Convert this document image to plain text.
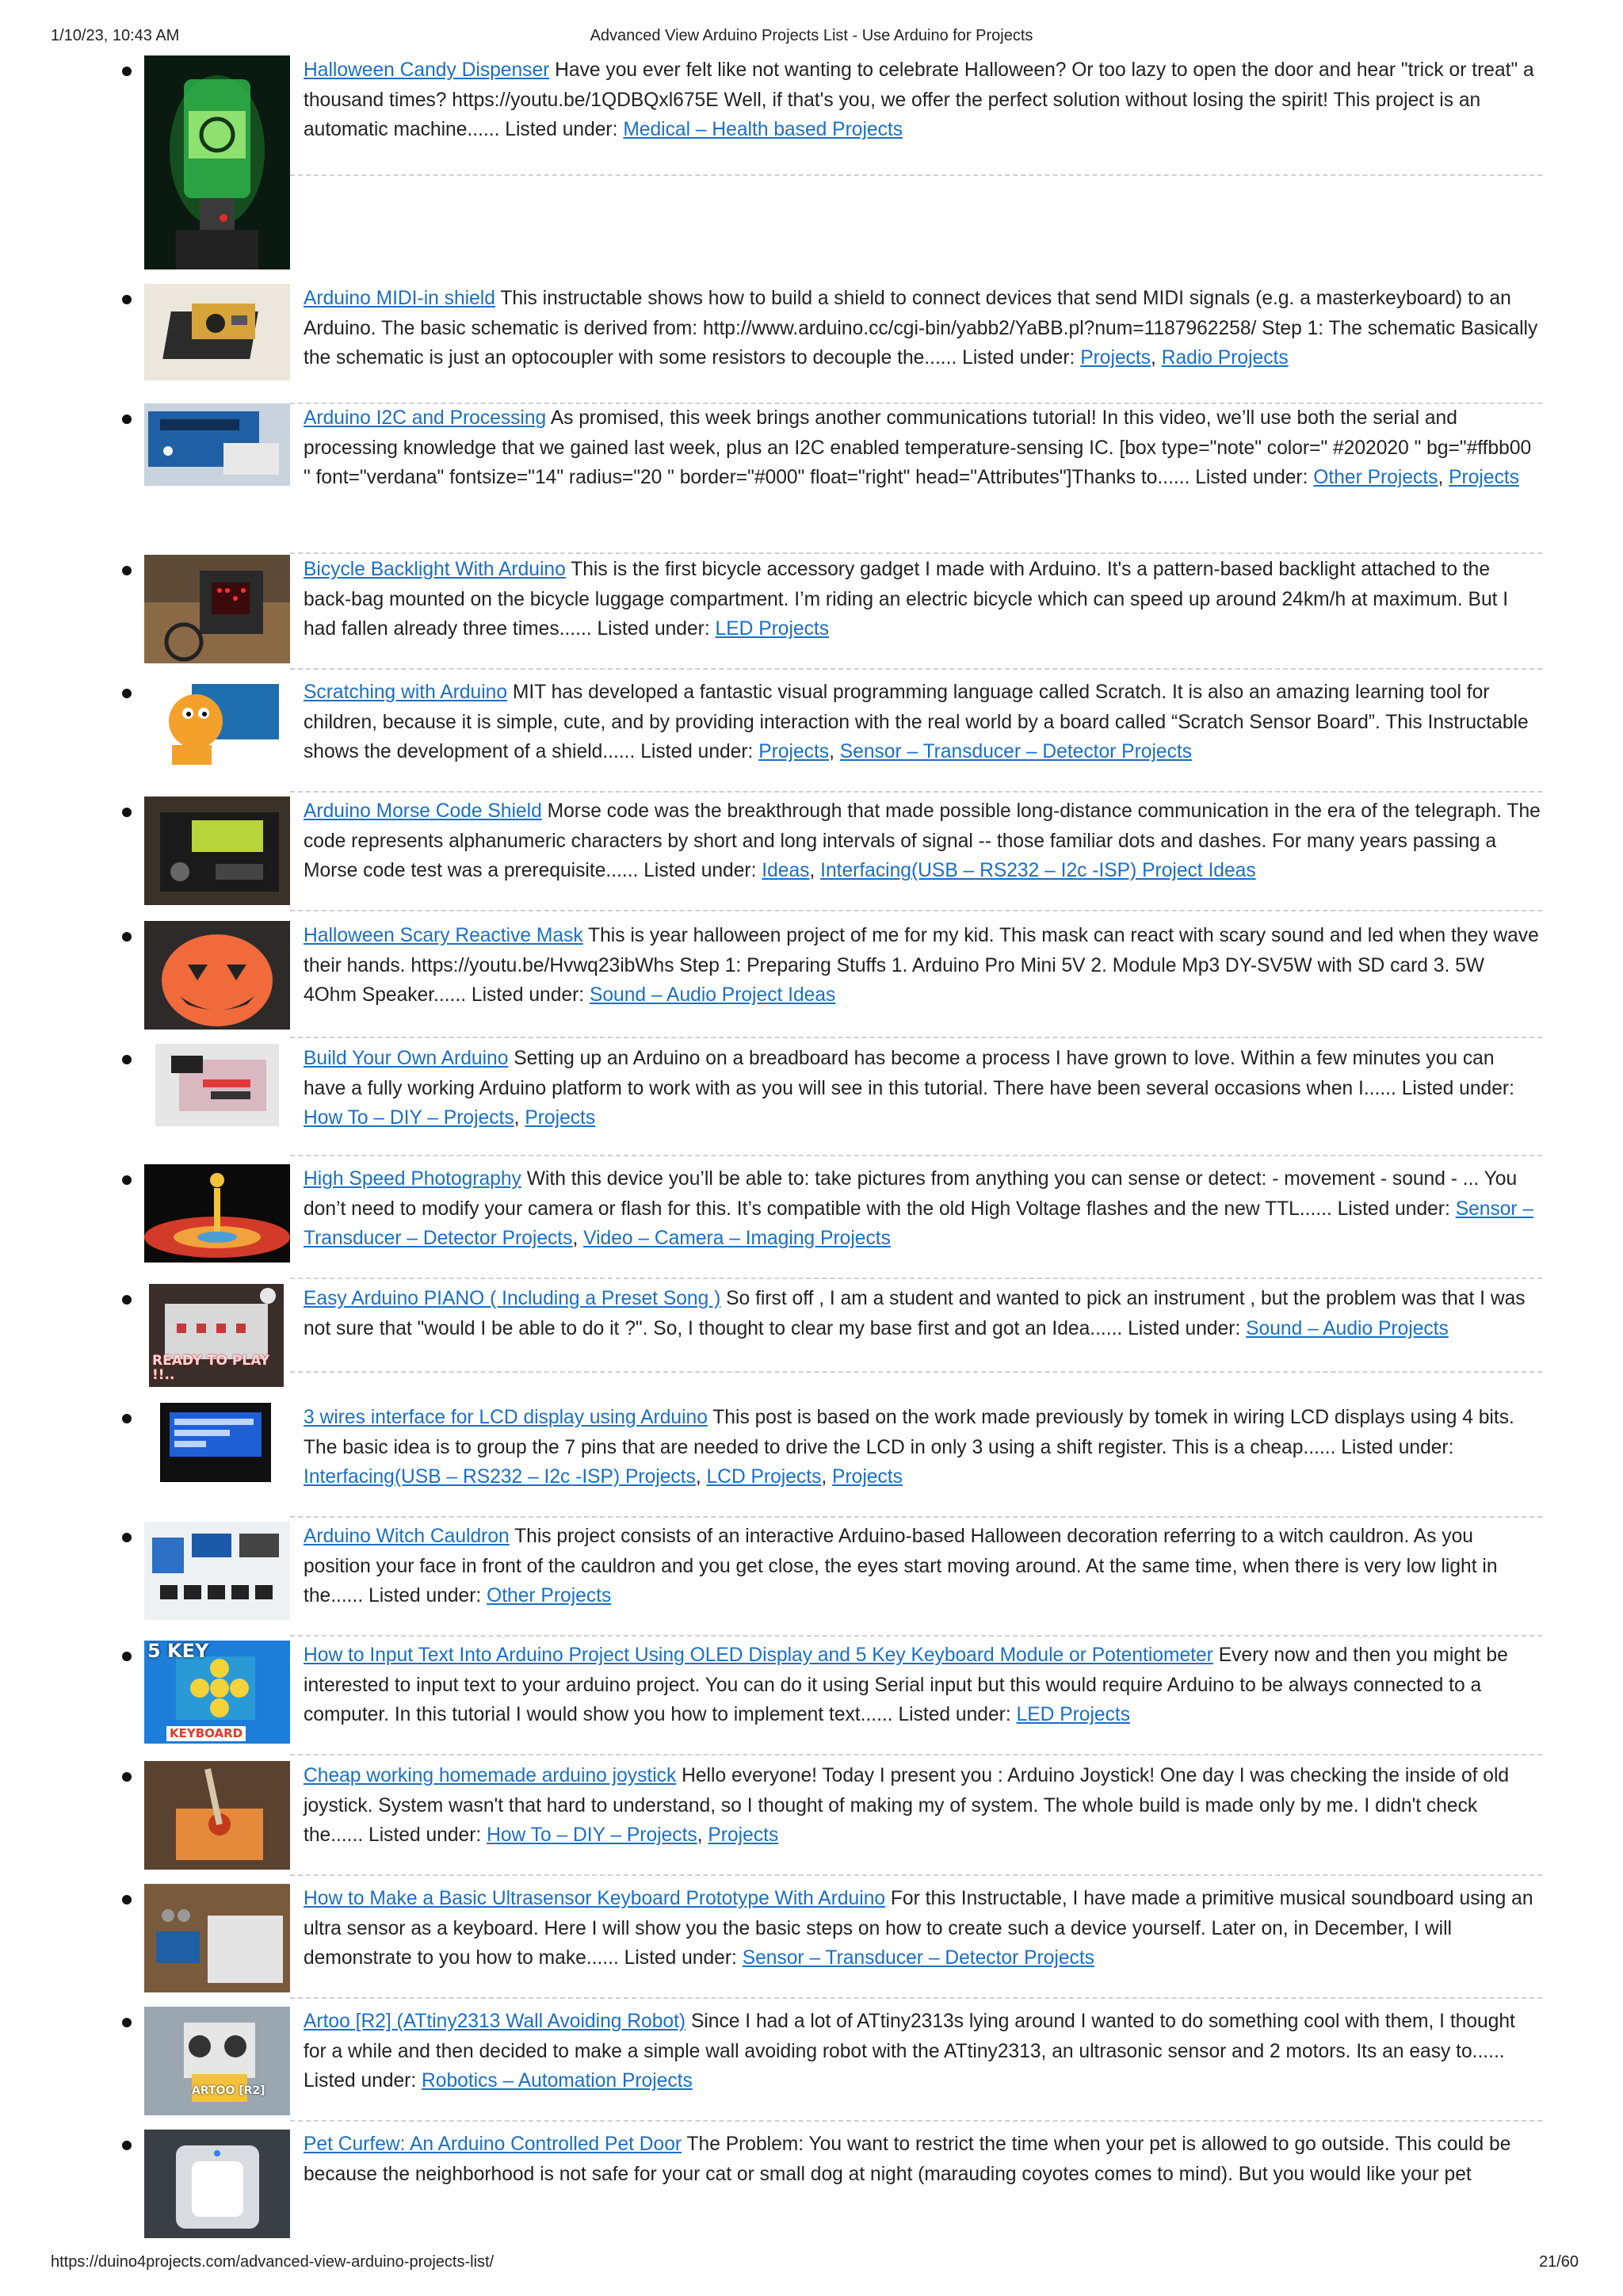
1/10/23, 10:43 AM	Advanced View Arduino Projects List - Use Arduino for Projects
Halloween Candy Dispenser Have you ever felt like not wanting to celebrate Halloween? Or too lazy to open the door and hear "trick or treat" a thousand times? https://youtu.be/1QDBQxl675E Well, if that's you, we offer the perfect solution without losing the spirit! This project is an automatic machine...... Listed under: Medical – Health based Projects
Arduino MIDI-in shield This instructable shows how to build a shield to connect devices that send MIDI signals (e.g. a masterkeyboard) to an Arduino. The basic schematic is derived from: http://www.arduino.cc/cgi-bin/yabb2/YaBB.pl?num=1187962258/ Step 1: The schematic Basically the schematic is just an optocoupler with some resistors to decouple the...... Listed under: Projects, Radio Projects
Arduino I2C and Processing As promised, this week brings another communications tutorial! In this video, we’ll use both the serial and processing knowledge that we gained last week, plus an I2C enabled temperature-sensing IC. [box type="note" color=" #202020 " bg="#ffbb00 " font="verdana" fontsize="14" radius="20 " border="#000" float="right" head="Attributes"]Thanks to...... Listed under: Other Projects, Projects
Bicycle Backlight With Arduino This is the first bicycle accessory gadget I made with Arduino. It's a pattern-based backlight attached to the back-bag mounted on the bicycle luggage compartment. I’m riding an electric bicycle which can speed up around 24km/h at maximum. But I had fallen already three times...... Listed under: LED Projects
Scratching with Arduino MIT has developed a fantastic visual programming language called Scratch. It is also an amazing learning tool for children, because it is simple, cute, and by providing interaction with the real world by a board called “Scratch Sensor Board”. This Instructable shows the development of a shield...... Listed under: Projects, Sensor – Transducer – Detector Projects
Arduino Morse Code Shield Morse code was the breakthrough that made possible long-distance communication in the era of the telegraph. The code represents alphanumeric characters by short and long intervals of signal -- those familiar dots and dashes. For many years passing a Morse code test was a prerequisite...... Listed under: Ideas, Interfacing(USB – RS232 – I2c -ISP) Project Ideas
Halloween Scary Reactive Mask This is year halloween project of me for my kid. This mask can react with scary sound and led when they wave their hands. https://youtu.be/Hvwq23ibWhs Step 1: Preparing Stuffs 1. Arduino Pro Mini 5V 2. Module Mp3 DY-SV5W with SD card 3. 5W 4Ohm Speaker...... Listed under: Sound – Audio Project Ideas
Build Your Own Arduino Setting up an Arduino on a breadboard has become a process I have grown to love. Within a few minutes you can have a fully working Arduino platform to work with as you will see in this tutorial. There have been several occasions when I...... Listed under: How To – DIY – Projects, Projects
High Speed Photography With this device you’ll be able to: take pictures from anything you can sense or detect: - movement - sound - ... You don’t need to modify your camera or flash for this. It’s compatible with the old High Voltage flashes and the new TTL...... Listed under: Sensor – Transducer – Detector Projects, Video – Camera – Imaging Projects
READY TO PLAY !!..
Easy Arduino PIANO ( Including a Preset Song ) So first off , I am a student and wanted to pick an instrument , but the problem was that I was not sure that "would I be able to do it ?". So, I thought to clear my base first and got an Idea...... Listed under: Sound – Audio Projects
3 wires interface for LCD display using Arduino This post is based on the work made previously by tomek in wiring LCD displays using 4 bits. The basic idea is to group the 7 pins that are needed to drive the LCD in only 3 using a shift register. This is a cheap...... Listed under: Interfacing(USB – RS232 – I2c -ISP) Projects, LCD Projects, Projects
Arduino Witch Cauldron This project consists of an interactive Arduino-based Halloween decoration referring to a witch cauldron. As you position your face in front of the cauldron and you get close, the eyes start moving around. At the same time, when there is very low light in the...... Listed under: Other Projects
5 KEY
KEYBOARD
How to Input Text Into Arduino Project Using OLED Display and 5 Key Keyboard Module or Potentiometer Every now and then you might be interested to input text to your arduino project. You can do it using Serial input but this would require Arduino to be always connected to a computer. In this tutorial I would show you how to implement text...... Listed under: LED Projects
Cheap working homemade arduino joystick Hello everyone! Today I present you : Arduino Joystick! One day I was checking the inside of old joystick. System wasn't that hard to understand, so I thought of making my of system. The whole build is made only by me. I didn't check the...... Listed under: How To – DIY – Projects, Projects
How to Make a Basic Ultrasensor Keyboard Prototype With Arduino For this Instructable, I have made a primitive musical soundboard using an ultra sensor as a keyboard. Here I will show you the basic steps on how to create such a device yourself. Later on, in December, I will demonstrate to you how to make...... Listed under: Sensor – Transducer – Detector Projects
ARTOO [R2]
Artoo [R2] (ATtiny2313 Wall Avoiding Robot) Since I had a lot of ATtiny2313s lying around I wanted to do something cool with them, I thought for a while and then decided to make a simple wall avoiding robot with the ATtiny2313, an ultrasonic sensor and 2 motors. Its an easy to...... Listed under: Robotics – Automation Projects
Pet Curfew: An Arduino Controlled Pet Door The Problem: You want to restrict the time when your pet is allowed to go outside. This could be because the neighborhood is not safe for your cat or small dog at night (marauding coyotes comes to mind). But you would like your pet
https://duino4projects.com/advanced-view-arduino-projects-list/	21/60
